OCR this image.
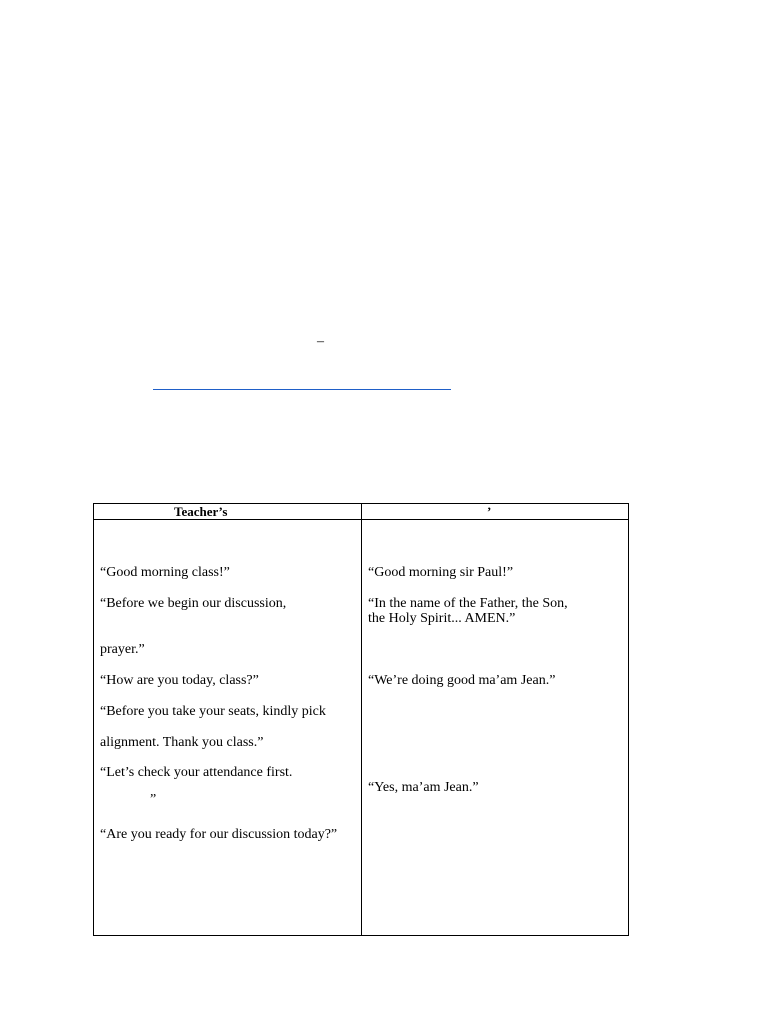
–
Teacher’s	’
“Good morning class!”
“Before we begin our discussion,
prayer.”
“How are you today, class?”
“Before you take your seats, kindly pick
alignment. Thank you class.”
“Let’s check your attendance first.
”
“Are you ready for our discussion today?”
“Good morning sir Paul!”
“In the name of the Father, the Son,
the Holy Spirit... AMEN.”
“We’re doing good ma’am Jean.”
“Yes, ma’am Jean.”
